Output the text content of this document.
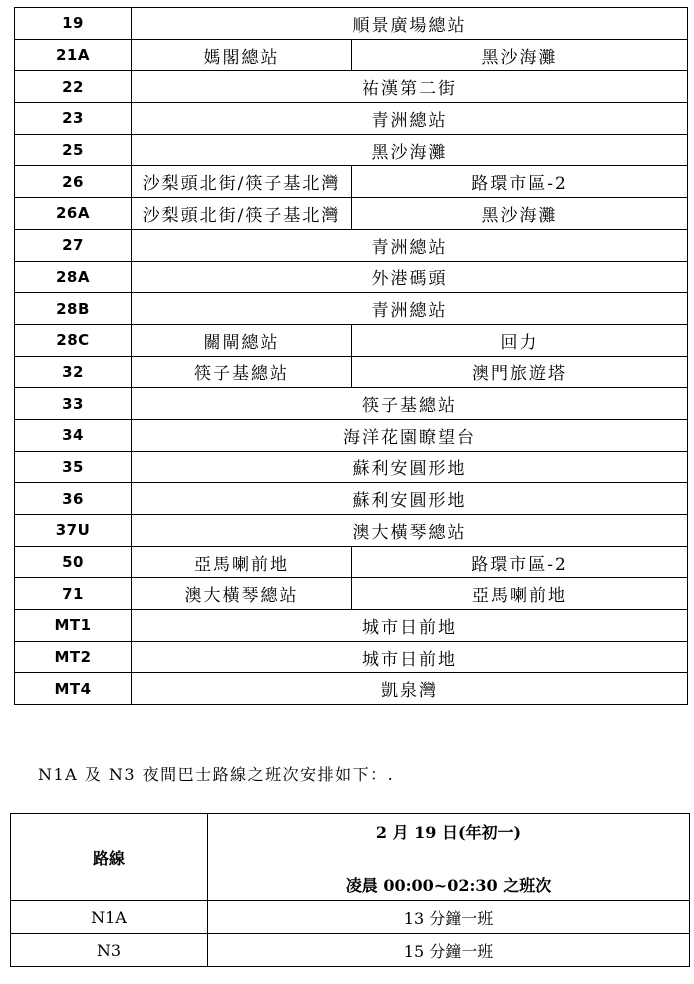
19	順景廣場總站	
21A	媽閣總站	黑沙海灘
22	祐漢第二街	
23	青洲總站	
25	黑沙海灘	
26	沙梨頭北街/筷子基北灣	路環市區-2
26A	沙梨頭北街/筷子基北灣	黑沙海灘
27	青洲總站	
28A	外港碼頭	
28B	青洲總站	
28C	關閘總站	回力
32	筷子基總站	澳門旅遊塔
33	筷子基總站	
34	海洋花園瞭望台	
35	蘇利安圓形地	
36	蘇利安圓形地	
37U	澳大橫琴總站	
50	亞馬喇前地	路環市區-2
71	澳大橫琴總站	亞馬喇前地
MT1	城市日前地	
MT2	城市日前地	
MT4	凱泉灣	

N1A 及 N3 夜間巴士路線之班次安排如下：.

路線	2 月 19 日(年初一)
凌晨 00:00~02:30 之班次

N1A	13 分鐘一班
N3	15 分鐘一班
